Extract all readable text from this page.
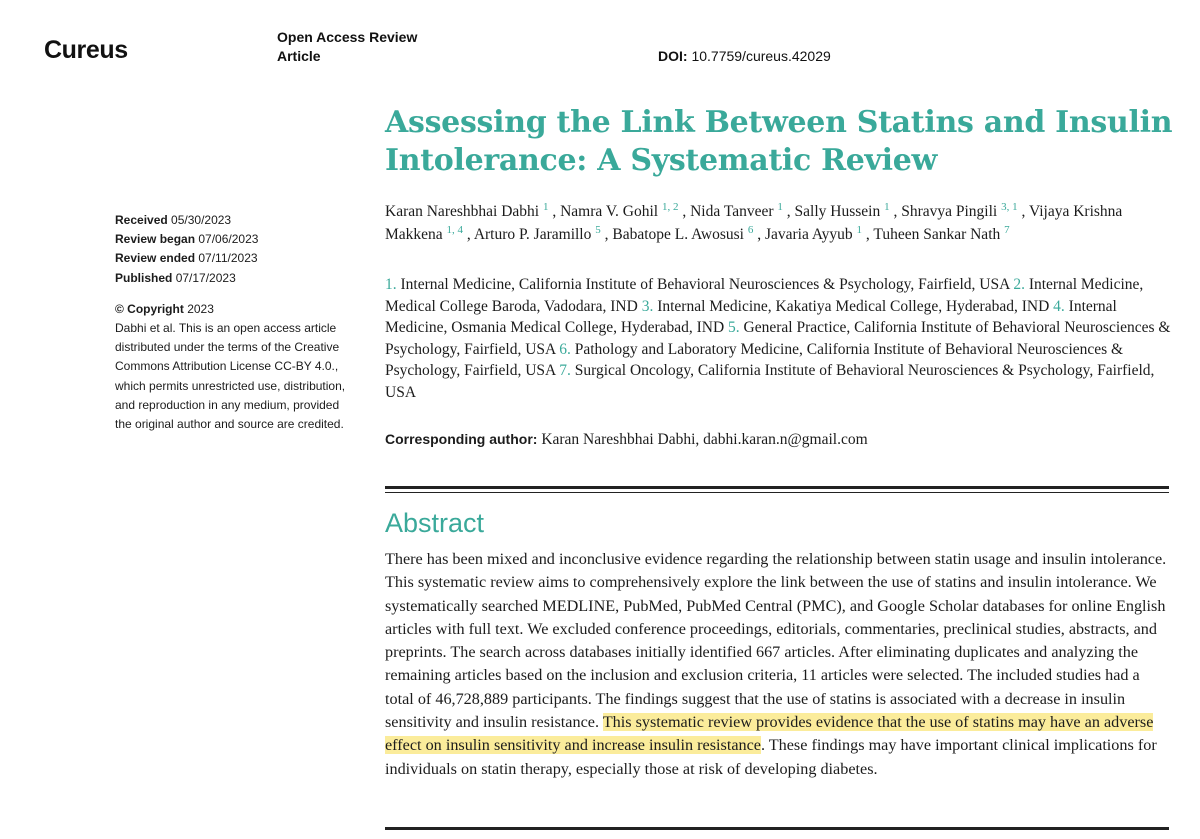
Cureus	Open Access Review
Article	DOI: 10.7759/cureus.42029
Assessing the Link Between Statins and Insulin
Intolerance: A Systematic Review
Karan Nareshbhai Dabhi $^1$ , Namra V. Gohil $^{1, 2}$ , Nida Tanveer $^1$ , Sally Hussein $^1$ , Shravya Pingili $^{3, 1}$ , Vijaya Krishna Makkena $^{1, 4}$ , Arturo P. Jaramillo $^5$ , Babatope L. Awosusi $^6$ , Javaria Ayyub $^1$ , Tuheen Sankar Nath $^7$
1. Internal Medicine, California Institute of Behavioral Neurosciences & Psychology, Fairfield, USA 2. Internal Medicine, Medical College Baroda, Vadodara, IND 3. Internal Medicine, Kakatiya Medical College, Hyderabad, IND 4. Internal Medicine, Osmania Medical College, Hyderabad, IND 5. General Practice, California Institute of Behavioral Neurosciences & Psychology, Fairfield, USA 6. Pathology and Laboratory Medicine, California Institute of Behavioral Neurosciences & Psychology, Fairfield, USA 7. Surgical Oncology, California Institute of Behavioral Neurosciences & Psychology, Fairfield, USA
Corresponding author: Karan Nareshbhai Dabhi, dabhi.karan.n@gmail.com
Abstract
There has been mixed and inconclusive evidence regarding the relationship between statin usage and insulin intolerance. This systematic review aims to comprehensively explore the link between the use of statins and insulin intolerance. We systematically searched MEDLINE, PubMed, PubMed Central (PMC), and Google Scholar databases for online English articles with full text. We excluded conference proceedings, editorials, commentaries, preclinical studies, abstracts, and preprints. The search across databases initially identified 667 articles. After eliminating duplicates and analyzing the remaining articles based on the inclusion and exclusion criteria, 11 articles were selected. The included studies had a total of 46,728,889 participants. The findings suggest that the use of statins is associated with a decrease in insulin sensitivity and insulin resistance. This systematic review provides evidence that the use of statins may have an adverse effect on insulin sensitivity and increase insulin resistance. These findings may have important clinical implications for individuals on statin therapy, especially those at risk of developing diabetes.
Received 05/30/2023
Review began 07/06/2023
Review ended 07/11/2023
Published 07/17/2023
© Copyright 2023
Dabhi et al. This is an open access article
distributed under the terms of the Creative
Commons Attribution License CC-BY 4.0.,
which permits unrestricted use, distribution,
and reproduction in any medium, provided
the original author and source are credited.
